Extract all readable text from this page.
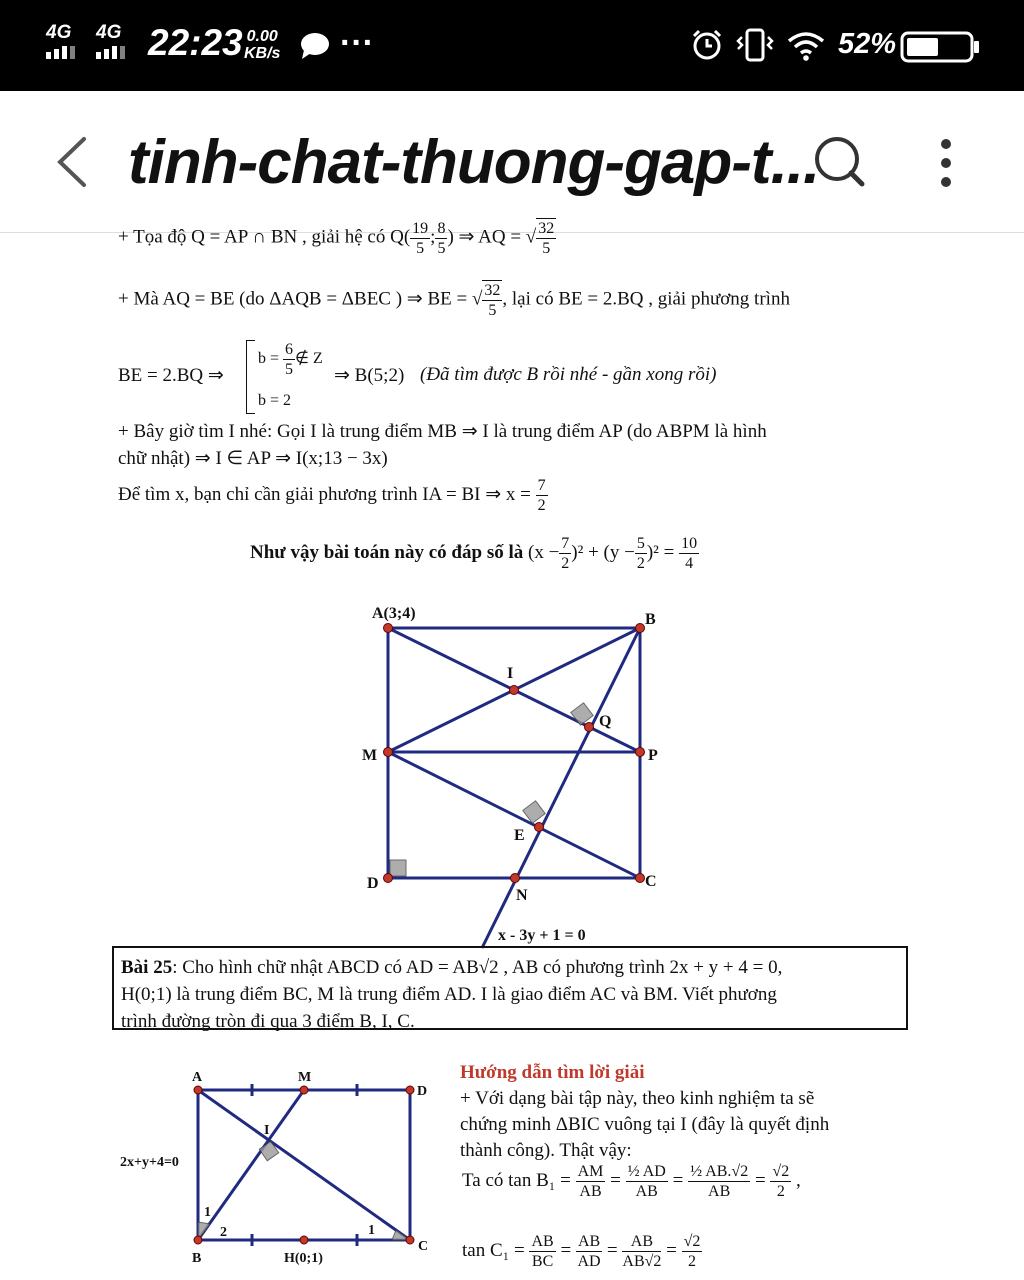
4G 4G 22:23 0.00
KB/s ···	52%
tinh-chat-thuong-gap-t...
+ Tọa độ Q = AP ∩ BN , giải hệ có $Q( \frac{19}{5}$ ; $\frac{8}{5}$ ) ⇒ AQ = √ $\frac{32}{5}$
+ Mà AQ = BE (do ΔAQB = ΔBEC ) ⇒ BE = √ $\frac{32}{5}$ , lại có BE = 2.BQ , giải phương trình
BE = 2.BQ ⇒
$b = \frac{6}{5}$ ∉ Z
b = 2
⇒ B(5;2) (Đã tìm được B rồi nhé - gần xong rồi)
+ Bây giờ tìm I nhé: Gọi I là trung điểm MB ⇒ I là trung điểm AP (do ABPM là hình
chữ nhật) ⇒ I ∈ AP ⇒ I(x;13 − 3x)
Để tìm x, bạn chỉ cần giải phương trình IA = BI ⇒ $x = \frac{7}{2}$
Như vậy bài toán này có đáp số là $(x - \frac{7}{2} )^2 + (y - \frac{5}{2} )^2 = \frac{10}{4}$
A(3;4)	B
I
Q
M	P
E
D
N
C
x - 3y + 1 = 0
Bài 25: Cho hình chữ nhật ABCD có AD = AB√2 , AB có phương trình 2x + y + 4 = 0,
H(0;1) là trung điểm BC, M là trung điểm AD. I là giao điểm AC và BM. Viết phương
trình đường tròn đi qua 3 điểm B, I, C.
A	M
D
I
2x+y+4=0
1
2	1
B	H(0;1)
C
Hướng dẫn tìm lời giải
+ Với dạng bài tập này, theo kinh nghiệm ta sẽ
chứng minh ΔBIC vuông tại I (đây là quyết định
thành công). Thật vậy:
Ta có $\tan B_1 = \frac{AM}{AB} = \frac{\text{½ AD}}{AB} = \frac{\text{½ AB.√2}}{AB} = \frac{√2}{2}$ ,
$\tan C_1 = \frac{AB}{BC} = \frac{AB}{AD} = \frac{AB}{AB√2} = \frac{√2}{2}$
